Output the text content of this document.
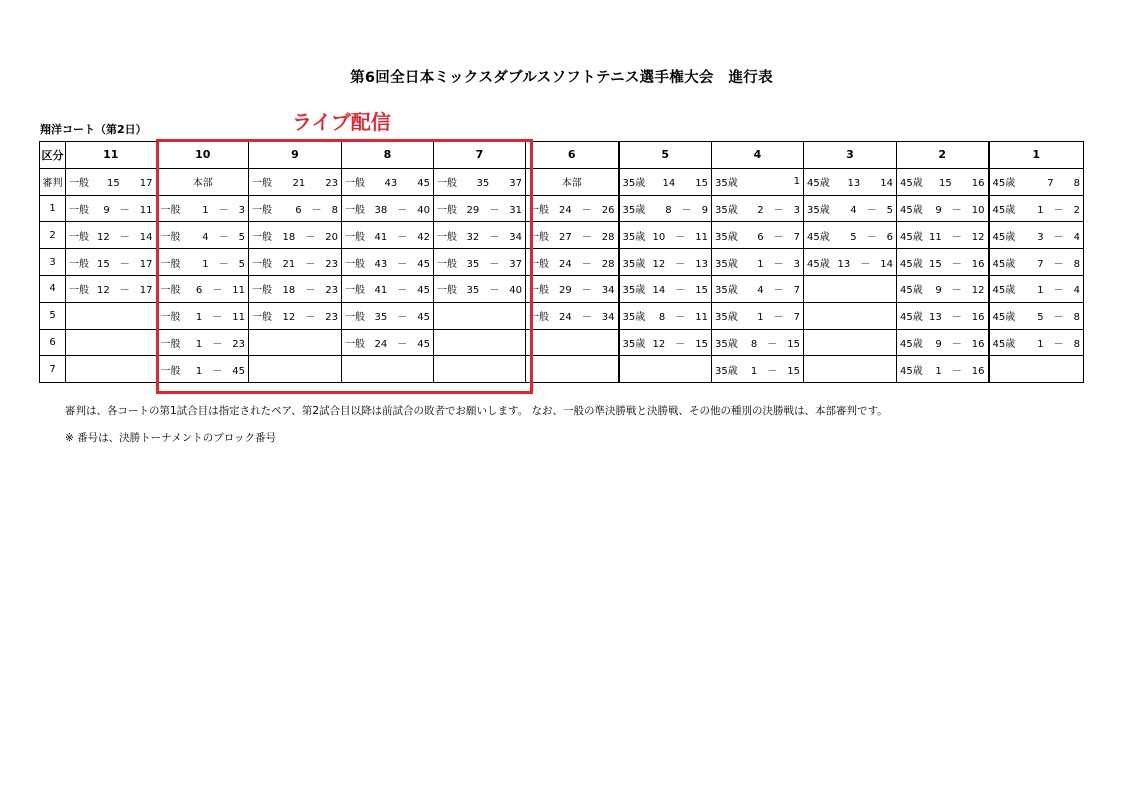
第6回全日本ミックスダブルスソフトテニス選手権大会　進行表
ライブ配信
翔洋コート（第2日）
区分	11	10	9	8	7	6	5	4	3	2	1
審判	一般 15　　17	本部	一般 21　　23	一般 43　　45	一般 35　　37	本部	35歳 14　　15	35歳 1	45歳 13　　14	45歳 15　　16	45歳 7　　8

1	一般 9　－　11	一般 1　－　3	一般 6　－　8	一般 38　－　40	一般 29　－　31	一般 24　－　26	35歳 8　－　9	35歳 2　－　3	35歳 4　－　5	45歳 9　－　10	45歳 1　－　2

2	一般 12　－　14	一般 4　－　5	一般 18　－　20	一般 41　－　42	一般 32　－　34	一般 27　－　28	35歳 10　－　11	35歳 6　－　7	45歳 5　－　6	45歳 11　－　12	45歳 3　－　4

3	一般 15　－　17	一般 1　－　5	一般 21　－　23	一般 43　－　45	一般 35　－　37	一般 24　－　28	35歳 12　－　13	35歳 1　－　3	45歳 13　－　14	45歳 15　－　16	45歳 7　－　8

4	一般 12　－　17	一般 6　－　11	一般 18　－　23	一般 41　－　45	一般 35　－　40	一般 29　－　34	35歳 14　－　15	35歳 4　－　7		45歳 9　－　12	45歳 1　－　4

5		一般 1　－　11	一般 12　－　23	一般 35　－　45		一般 24　－　34	35歳 8　－　11	35歳 1　－　7		45歳 13　－　16	45歳 5　－　8

6		一般 1　－　23		一般 24　－　45			35歳 12　－　15	35歳 8　－　15		45歳 9　－　16	45歳 1　－　8

7		一般 1　－　45						35歳 1　－　15		45歳 1　－　16	

審判は、各コートの第1試合目は指定されたペア、第2試合目以降は前試合の敗者でお願いします。 なお、一般の準決勝戦と決勝戦、その他の種別の決勝戦は、本部審判です。
※ 番号は、決勝トーナメントのブロック番号
